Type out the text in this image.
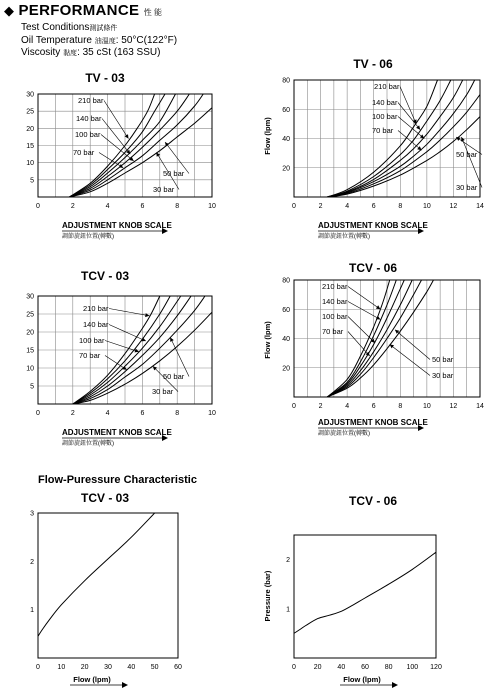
◆ PERFORMANCE 性 能
Test Conditions測試條件
Oil Temperature 油溫度: 50°C(122°F)
Viscosity 黏度: 35 cSt (163 SSU)
Flow-Puressure Characteristic
TV - 03
0	2	4	6	8	10
5
10
15
20
25
30
ADJUSTMENT KNOB SCALE
調節旋鈕位置(轉數)
210 bar
140 bar
100 bar
70 bar
50 bar
30 bar
TV - 06
0	2	4	6	8	10	12	14
20
40
60
80
Flow (lpm)
ADJUSTMENT KNOB SCALE
調節旋鈕位置(轉數)
210 bar
140 bar
100 bar
70 bar
50 bar
30 bar
TCV - 03
0	2	4	6	8	10
5
10
15
20
25
30
ADJUSTMENT KNOB SCALE
調節旋鈕位置(轉數)
210 bar
140 bar
100 bar
70 bar
50 bar
30 bar
TCV - 06
0	2	4	6	8	10	12	14
20
40
60
80
Flow (lpm)
ADJUSTMENT KNOB SCALE
調節旋鈕位置(轉數)
210 bar
140 bar
100 bar
70 bar
50 bar
30 bar
TCV - 03
0 10 20 30 40 50 60
1
2
3
Flow (lpm)
TCV - 06
0	20 40 60 80 100 120
1
2
Pressure (bar)
Flow (lpm)
